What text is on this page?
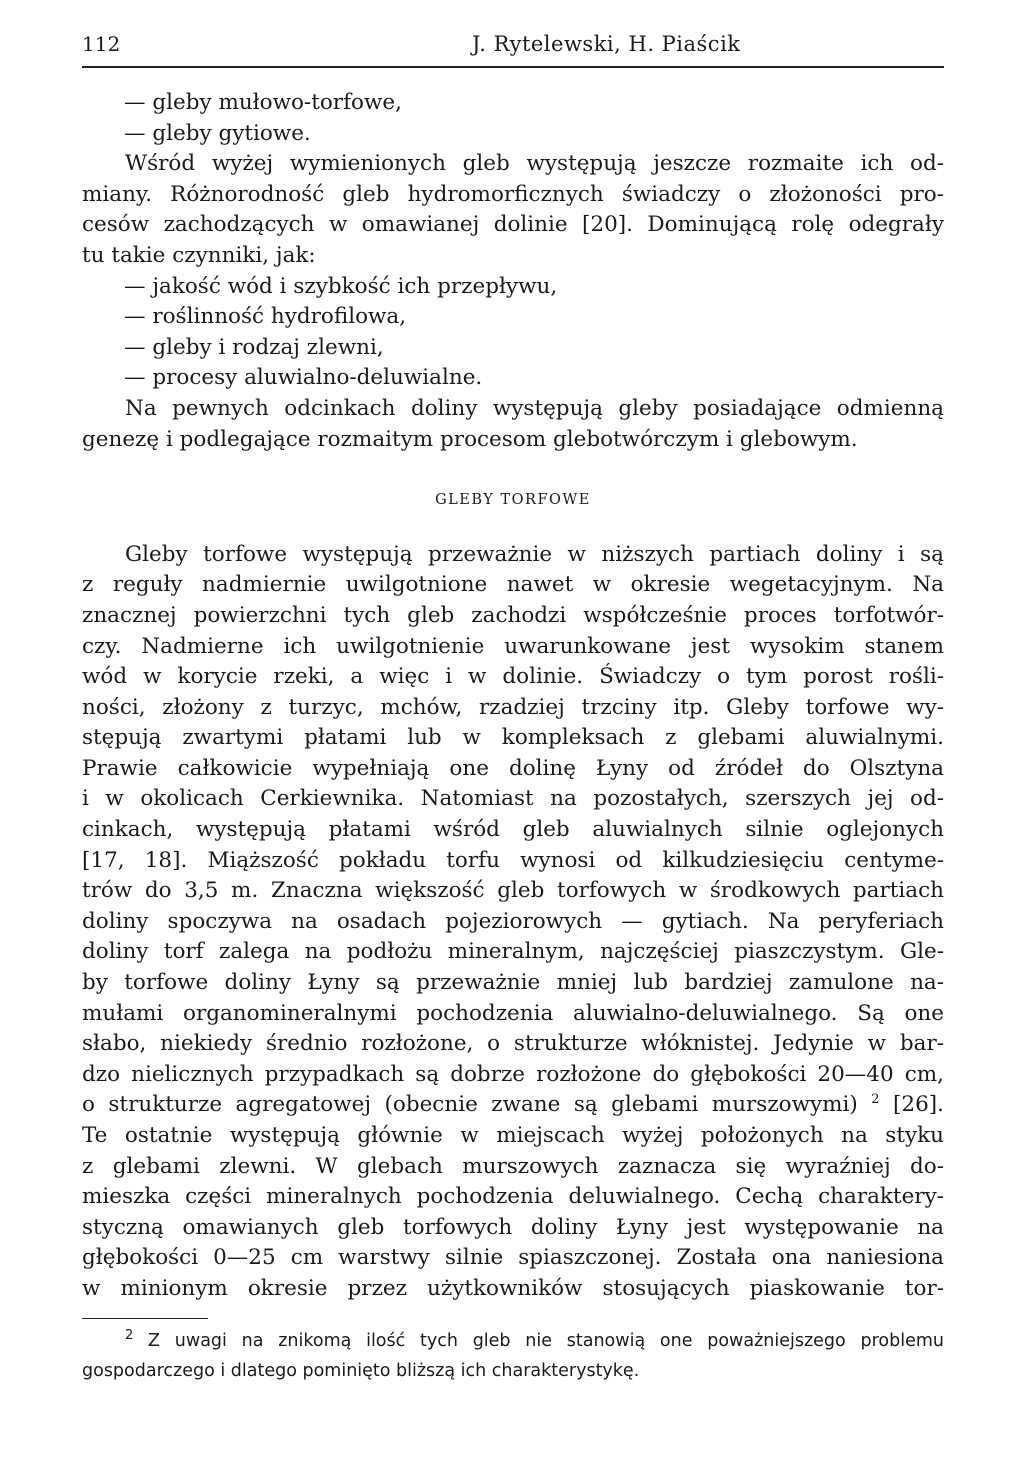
112	J. Rytelewski, H. Piaścik
— gleby mułowo-torfowe,
— gleby gytiowe.
Wśród wyżej wymienionych gleb występują jeszcze rozmaite ich od-
miany. Różnorodność gleb hydromorficznych świadczy o złożoności pro-
cesów zachodzących w omawianej dolinie [20]. Dominującą rolę odegrały
tu takie czynniki, jak:
— jakość wód i szybkość ich przepływu,
— roślinność hydrofilowa,
— gleby i rodzaj zlewni,
— procesy aluwialno-deluwialne.
Na pewnych odcinkach doliny występują gleby posiadające odmienną
genezę i podlegające rozmaitym procesom glebotwórczym i glebowym.
GLEBY TORFOWE
Gleby torfowe występują przeważnie w niższych partiach doliny i są
z reguły nadmiernie uwilgotnione nawet w okresie wegetacyjnym. Na
znacznej powierzchni tych gleb zachodzi współcześnie proces torfotwór-
czy. Nadmierne ich uwilgotnienie uwarunkowane jest wysokim stanem
wód w korycie rzeki, a więc i w dolinie. Świadczy o tym porost rośli-
ności, złożony z turzyc, mchów, rzadziej trzciny itp. Gleby torfowe wy-
stępują zwartymi płatami lub w kompleksach z glebami aluwialnymi.
Prawie całkowicie wypełniają one dolinę Łyny od źródeł do Olsztyna
i w okolicach Cerkiewnika. Natomiast na pozostałych, szerszych jej od-
cinkach, występują płatami wśród gleb aluwialnych silnie oglejonych
[17, 18]. Miąższość pokładu torfu wynosi od kilkudziesięciu centyme-
trów do 3,5 m. Znaczna większość gleb torfowych w środkowych partiach
doliny spoczywa na osadach pojeziorowych — gytiach. Na peryferiach
doliny torf zalega na podłożu mineralnym, najczęściej piaszczystym. Gle-
by torfowe doliny Łyny są przeważnie mniej lub bardziej zamulone na-
mułami organomineralnymi pochodzenia aluwialno-deluwialnego. Są one
słabo, niekiedy średnio rozłożone, o strukturze włóknistej. Jedynie w bar-
dzo nielicznych przypadkach są dobrze rozłożone do głębokości 20—40 cm,
o strukturze agregatowej (obecnie zwane są glebami murszowymi) $^2$ [26].
Te ostatnie występują głównie w miejscach wyżej położonych na styku
z glebami zlewni. W glebach murszowych zaznacza się wyraźniej do-
mieszka części mineralnych pochodzenia deluwialnego. Cechą charaktery-
styczną omawianych gleb torfowych doliny Łyny jest występowanie na
głębokości 0—25 cm warstwy silnie spiaszczonej. Została ona naniesiona
w minionym okresie przez użytkowników stosujących piaskowanie tor-
$^2$ Z uwagi na znikomą ilość tych gleb nie stanowią one poważniejszego problemu
gospodarczego i dlatego pominięto bliższą ich charakterystykę.
